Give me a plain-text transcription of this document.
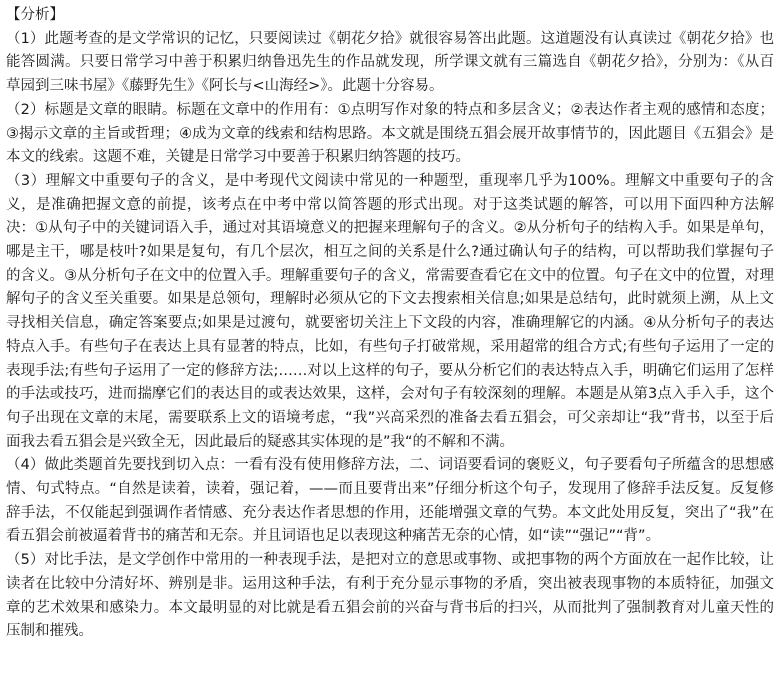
【分析】

（1）此题考查的是文学常识的记忆，只要阅读过《朝花夕拾》就很容易答出此题。这道题没有认真读过《朝花夕拾》也能答圆满。只要日常学习中善于积累归纳鲁迅先生的作品就发现，所学课文就有三篇选自《朝花夕拾》，分别为：《从百草园到三味书屋》《藤野先生》《阿长与<山海经>》。此题十分容易。

（2）标题是文章的眼睛。标题在文章中的作用有：①点明写作对象的特点和多层含义；②表达作者主观的感情和态度；③揭示文章的主旨或哲理；④成为文章的线索和结构思路。本文就是围绕五猖会展开故事情节的，因此题目《五猖会》是本文的线索。这题不难，关键是日常学习中要善于积累归纳答题的技巧。

（3）理解文中重要句子的含义，是中考现代文阅读中常见的一种题型，重现率几乎为100%。理解文中重要句子的含义，是准确把握文意的前提，该考点在中考中常以简答题的形式出现。对于这类试题的解答，可以用下面四种方法解决：①从句子中的关键词语入手，通过对其语境意义的把握来理解句子的含义。②从分析句子的结构入手。如果是单句，哪是主干，哪是枝叶?如果是复句，有几个层次，相互之间的关系是什么?通过确认句子的结构，可以帮助我们掌握句子的含义。③从分析句子在文中的位置入手。理解重要句子的含义，常需要查看它在文中的位置。句子在文中的位置，对理解句子的含义至关重要。如果是总领句，理解时必须从它的下文去搜索相关信息;如果是总结句，此时就须上溯，从上文寻找相关信息，确定答案要点;如果是过渡句，就要密切关注上下文段的内容，准确理解它的内涵。④从分析句子的表达特点入手。有些句子在表达上具有显著的特点，比如，有些句子打破常规，采用超常的组合方式;有些句子运用了一定的表现手法;有些句子运用了一定的修辞方法;……对以上这样的句子，要从分析它们的表达特点入手，明确它们运用了怎样的手法或技巧，进而揣摩它们的表达目的或表达效果，这样，会对句子有较深刻的理解。本题是从第3点入手入手，这个句子出现在文章的末尾，需要联系上文的语境考虑，“我”兴高采烈的准备去看五猖会，可父亲却让“我”背书，以至于后面我去看五猖会是兴致全无，因此最后的疑惑其实体现的是”我“的不解和不满。

（4）做此类题首先要找到切入点：一看有没有使用修辞方法，二、词语要看词的褒贬义，句子要看句子所蕴含的思想感情、句式特点。“自然是读着，读着，强记着，——而且要背出来”仔细分析这个句子，发现用了修辞手法反复。反复修辞手法，不仅能起到强调作者情感、充分表达作者思想的作用，还能增强文章的气势。本文此处用反复，突出了“我”在看五猖会前被逼着背书的痛苦和无奈。并且词语也足以表现这种痛苦无奈的心情，如“读”“强记”“背”。

（5）对比手法，是文学创作中常用的一种表现手法，是把对立的意思或事物、或把事物的两个方面放在一起作比较，让读者在比较中分清好坏、辨别是非。运用这种手法，有利于充分显示事物的矛盾，突出被表现事物的本质特征，加强文章的艺术效果和感染力。本文最明显的对比就是看五猖会前的兴奋与背书后的扫兴，从而批判了强制教育对儿童天性的压制和摧残。
